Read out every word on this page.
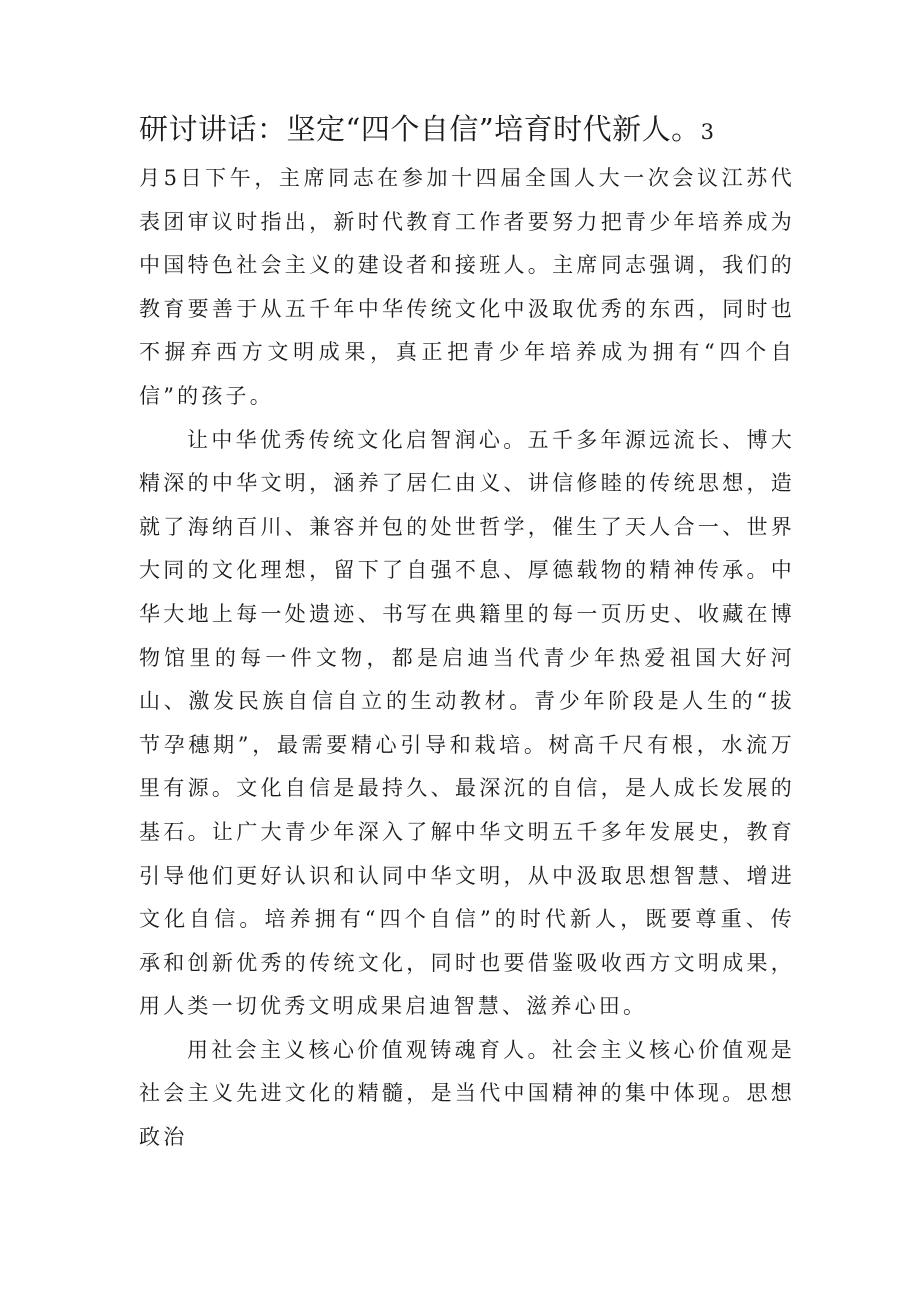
研讨讲话：坚定“四个自信”培育时代新人。3

月5日下午，主席同志在参加十四届全国人大一次会议江苏代表团审议时指出，新时代教育工作者要努力把青少年培养成为中国特色社会主义的建设者和接班人。主席同志强调，我们的教育要善于从五千年中华传统文化中汲取优秀的东西，同时也不摒弃西方文明成果，真正把青少年培养成为拥有“四个自信”的孩子。

让中华优秀传统文化启智润心。五千多年源远流长、博大精深的中华文明，涵养了居仁由义、讲信修睦的传统思想，造就了海纳百川、兼容并包的处世哲学，催生了天人合一、世界大同的文化理想，留下了自强不息、厚德载物的精神传承。中华大地上每一处遗迹、书写在典籍里的每一页历史、收藏在博物馆里的每一件文物，都是启迪当代青少年热爱祖国大好河山、激发民族自信自立的生动教材。青少年阶段是人生的“拔节孕穗期”，最需要精心引导和栽培。树高千尺有根，水流万里有源。文化自信是最持久、最深沉的自信，是人成长发展的基石。让广大青少年深入了解中华文明五千多年发展史，教育引导他们更好认识和认同中华文明，从中汲取思想智慧、增进文化自信。培养拥有“四个自信”的时代新人，既要尊重、传承和创新优秀的传统文化，同时也要借鉴吸收西方文明成果，用人类一切优秀文明成果启迪智慧、滋养心田。

用社会主义核心价值观铸魂育人。社会主义核心价值观是社会主义先进文化的精髓，是当代中国精神的集中体现。思想政治
